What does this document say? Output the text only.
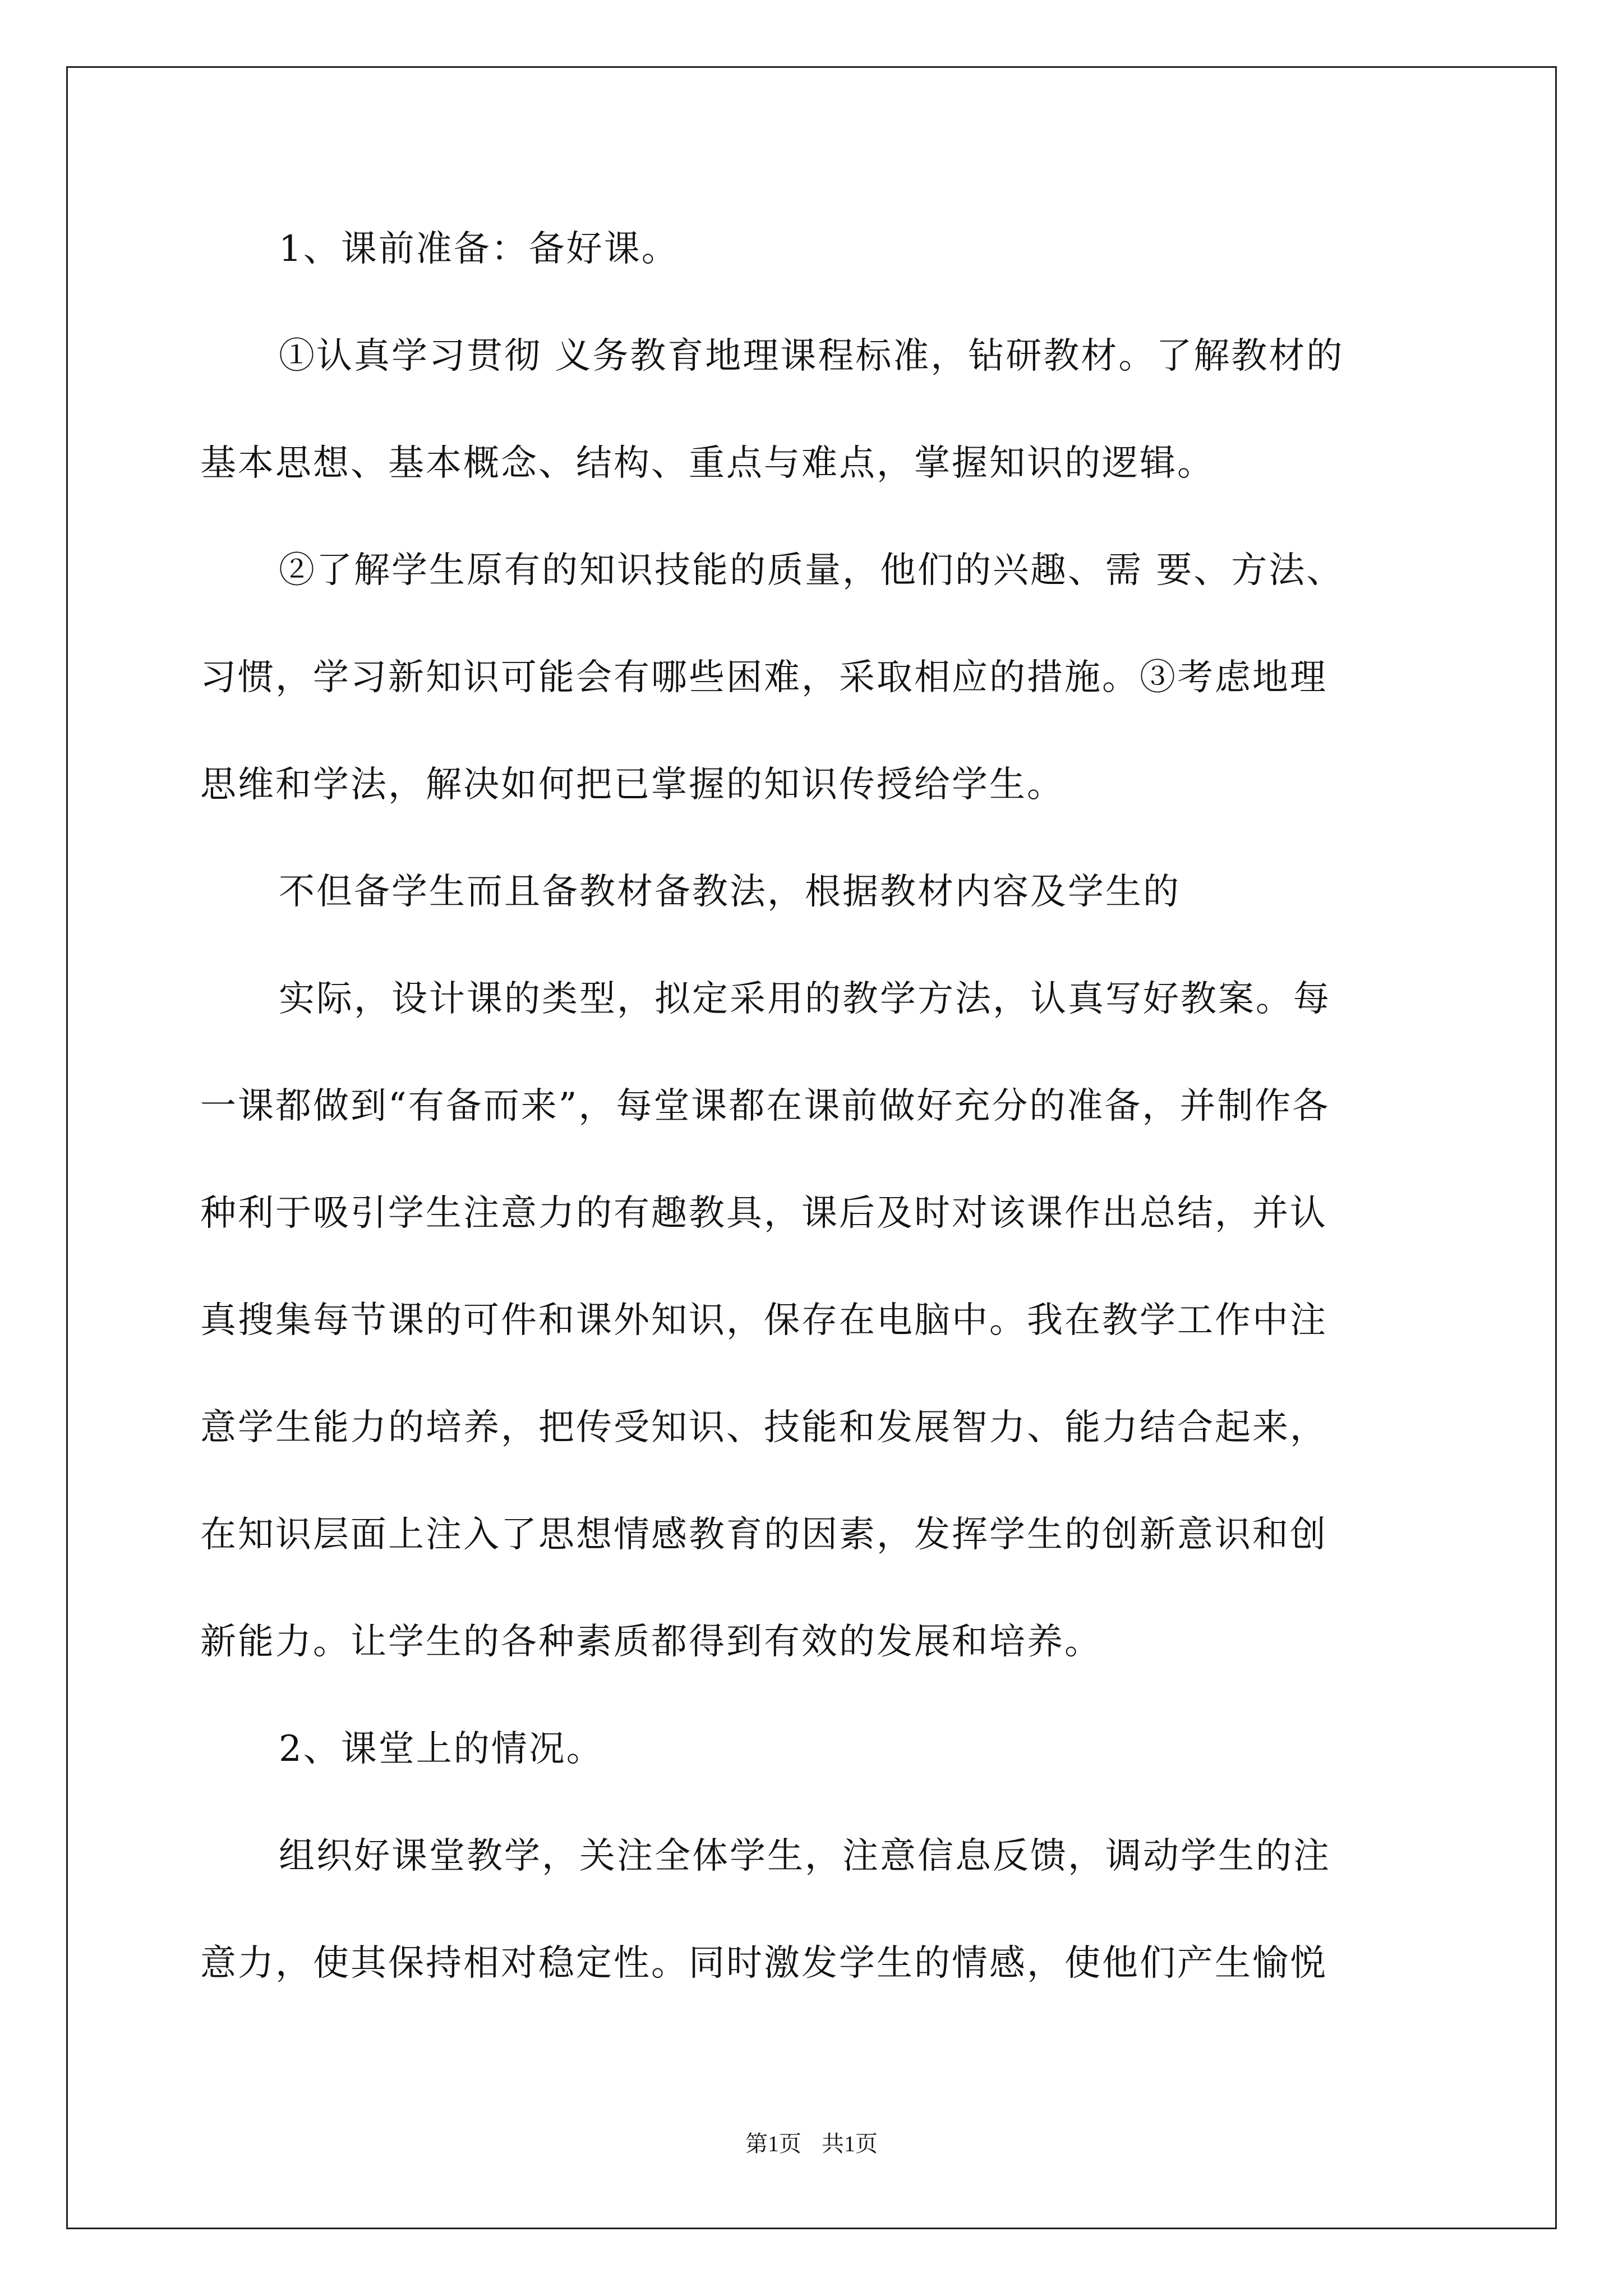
1、课前准备：备好课。
①认真学习贯彻 义务教育地理课程标准，钻研教材。了解教材的
基本思想、基本概念、结构、重点与难点，掌握知识的逻辑。
②了解学生原有的知识技能的质量，他们的兴趣、需 要、方法、
习惯，学习新知识可能会有哪些困难，采取相应的措施。③考虑地理
思维和学法，解决如何把已掌握的知识传授给学生。
不但备学生而且备教材备教法，根据教材内容及学生的
实际，设计课的类型，拟定采用的教学方法，认真写好教案。每
一课都做到“有备而来”，每堂课都在课前做好充分的准备，并制作各
种利于吸引学生注意力的有趣教具，课后及时对该课作出总结，并认
真搜集每节课的可件和课外知识，保存在电脑中。我在教学工作中注
意学生能力的培养，把传受知识、技能和发展智力、能力结合起来，
在知识层面上注入了思想情感教育的因素，发挥学生的创新意识和创
新能力。让学生的各种素质都得到有效的发展和培养。
2、课堂上的情况。
组织好课堂教学，关注全体学生，注意信息反馈，调动学生的注
意力，使其保持相对稳定性。同时激发学生的情感，使他们产生愉悦
第1页 共1页
